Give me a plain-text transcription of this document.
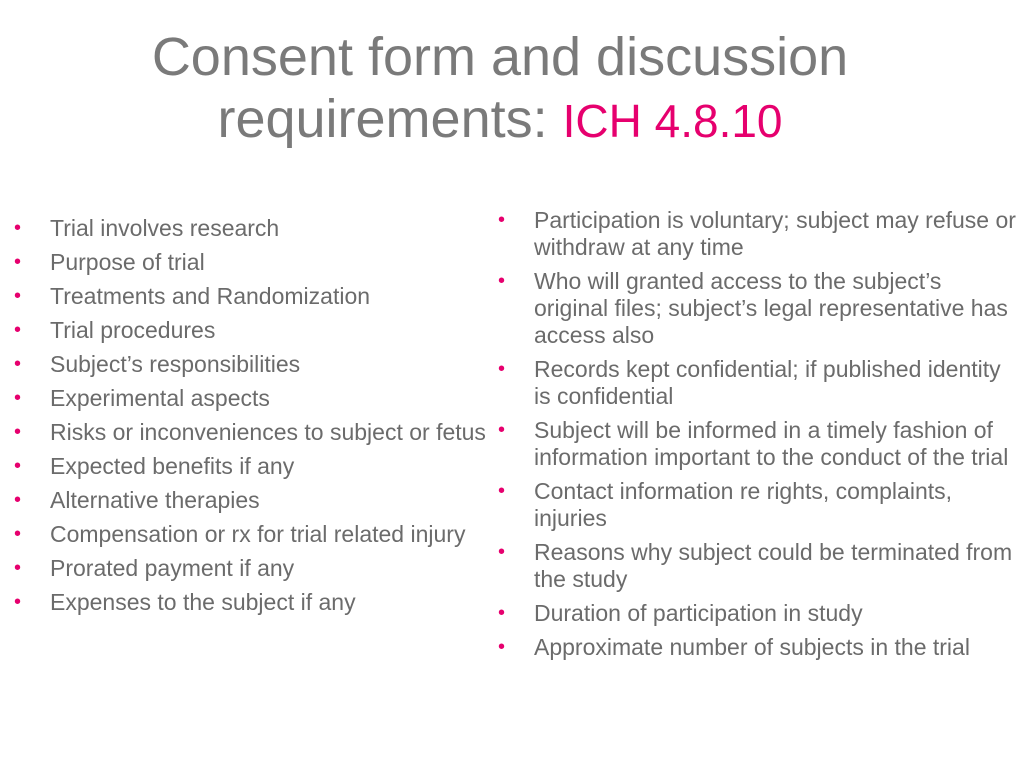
Consent form and discussion requirements: ICH 4.8.10
• Trial involves research
• Purpose of trial
• Treatments and Randomization
• Trial procedures
• Subject’s responsibilities
• Experimental aspects
• Risks or inconveniences to subject or fetus
• Expected benefits if any
• Alternative therapies
• Compensation or rx for trial related injury
• Prorated payment if any
• Expenses to the subject if any
• Participation is voluntary; subject may refuse or withdraw at any time
• Who will granted access to the subject’s original files; subject’s legal representative has access also
• Records kept confidential; if published identity is confidential
• Subject will be informed in a timely fashion of information important to the conduct of the trial
• Contact information re rights, complaints, injuries
• Reasons why subject could be terminated from the study
• Duration of participation in study
• Approximate number of subjects in the trial
